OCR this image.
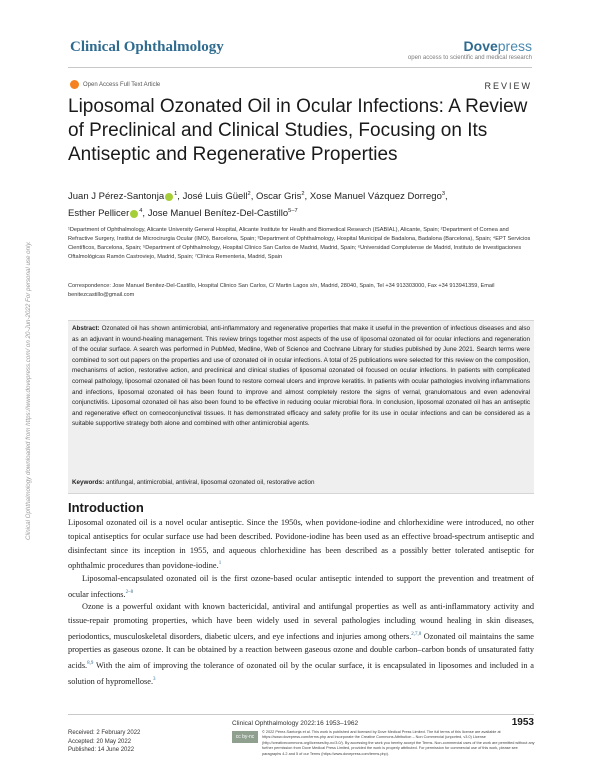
Clinical Ophthalmology	Dovepress
open access to scientific and medical research
Open Access Full Text Article	REVIEW
Liposomal Ozonated Oil in Ocular Infections: A Review of Preclinical and Clinical Studies, Focusing on Its Antiseptic and Regenerative Properties
Juan J Pérez-Santonja $^1$, José Luis Güell$^2$, Oscar Gris$^2$, Xose Manuel Vázquez Dorrego$^3$,
Esther Pellicer $^4$, Jose Manuel Benítez-Del-Castillo$^{5-7}$
¹Department of Ophthalmology, Alicante University General Hospital, Alicante Institute for Health and Biomedical Research (ISABIAL), Alicante, Spain; ²Department of Cornea and Refractive Surgery, Institut de Microcirurgia Ocular (IMO), Barcelona, Spain; ³Department of Ophthalmology, Hospital Municipal de Badalona, Badalona (Barcelona), Spain; ⁴EPT Servicios Científicos, Barcelona, Spain; ⁵Department of Ophthalmology, Hospital Clínico San Carlos de Madrid, Madrid, Spain; ⁶Universidad Complutense de Madrid, Instituto de Investigaciones Oftalmológicas Ramón Castroviejo, Madrid, Spain; ⁷Clínica Rementeria, Madrid, Spain
Correspondence: Jose Manuel Benitez-Del-Castillo, Hospital Clinico San Carlos, C/ Martin Lagos s/n, Madrid, 28040, Spain, Tel +34 913303000, Fax +34 913941359, Email benitezcastillo@gmail.com
Clinical Ophthalmology downloaded from https://www.dovepress.com/ on 20-Jun-2022 For personal use only.	Abstract: Ozonated oil has shown antimicrobial, anti-inflammatory and regenerative properties that make it useful in the prevention of infectious diseases and also as an adjuvant in wound-healing management. This review brings together most aspects of the use of liposomal ozonated oil for ocular infections and regeneration of the ocular surface. A search was performed in PubMed, Medline, Web of Science and Cochrane Library for studies published by June 2021. Search terms were combined to sort out papers on the properties and use of ozonated oil in ocular infections. A total of 25 publications were selected for this review on the composition, mechanisms of action, restorative action, and preclinical and clinical studies of liposomal ozonated oil focused on ocular infections. In patients with complicated corneal pathology, liposomal ozonated oil has been found to restore corneal ulcers and improve keratitis. In patients with ocular pathologies involving inflammations and infections, liposomal ozonated oil has been found to improve and almost completely restore the signs of vernal, granulomatous and even adenoviral conjunctivitis. Liposomal ozonated oil has also been found to be effective in reducing ocular microbial flora. In conclusion, liposomal ozonated oil has an antiseptic and regenerative effect on corneoconjunctival tissues. It has demonstrated efficacy and safety profile for its use in ocular infections and can be considered as a suitable supportive strategy both alone and combined with other antimicrobial agents.
Keywords: antifungal, antimicrobial, antiviral, liposomal ozonated oil, restorative action
Introduction
Liposomal ozonated oil is a novel ocular antiseptic. Since the 1950s, when povidone-iodine and chlorhexidine were introduced, no other topical antiseptics for ocular surface use had been described. Povidone-iodine has been used as an effective broad-spectrum antiseptic and disinfectant since its inception in 1955, and aqueous chlorhexidine has been described as a possibly better tolerated antiseptic for ophthalmic procedures than povidone-iodine.$^1$
Liposomal-encapsulated ozonated oil is the first ozone-based ocular antiseptic intended to support the prevention and treatment of ocular infections.$^{2-8}$
Ozone is a powerful oxidant with known bactericidal, antiviral and antifungal properties as well as anti-inflammatory activity and tissue-repair promoting properties, which have been widely used in several pathologies including wound healing in skin diseases, periodontics, musculoskeletal disorders, diabetic ulcers, and eye infections and injuries among others.$^{2,7,8}$ Ozonated oil maintains the same properties as gaseous ozone. It can be obtained by a reaction between gaseous ozone and double carbon–carbon bonds of unsaturated fatty acids.$^{8,9}$ With the aim of improving the tolerance of ozonated oil by the ocular surface, it is encapsulated in liposomes and included in a solution of hypromellose.$^3$
Received: 2 February 2022
Accepted: 20 May 2022
Published: 14 June 2022
Clinical Ophthalmology 2022:16 1953–1962	1953
cc by-nc
© 2022 Pérez-Santonja et al. This work is published and licensed by Dove Medical Press Limited. The full terms of this license are available at https://www.dovepress.com/terms.php and incorporate the Creative Commons Attribution – Non Commercial (unported, v3.0) License (http://creativecommons.org/licenses/by-nc/3.0/). By accessing the work you hereby accept the Terms. Non-commercial uses of the work are permitted without any further permission from Dove Medical Press Limited, provided the work is properly attributed. For permission for commercial use of this work, please see paragraphs 4.2 and 5 of our Terms (https://www.dovepress.com/terms.php).
